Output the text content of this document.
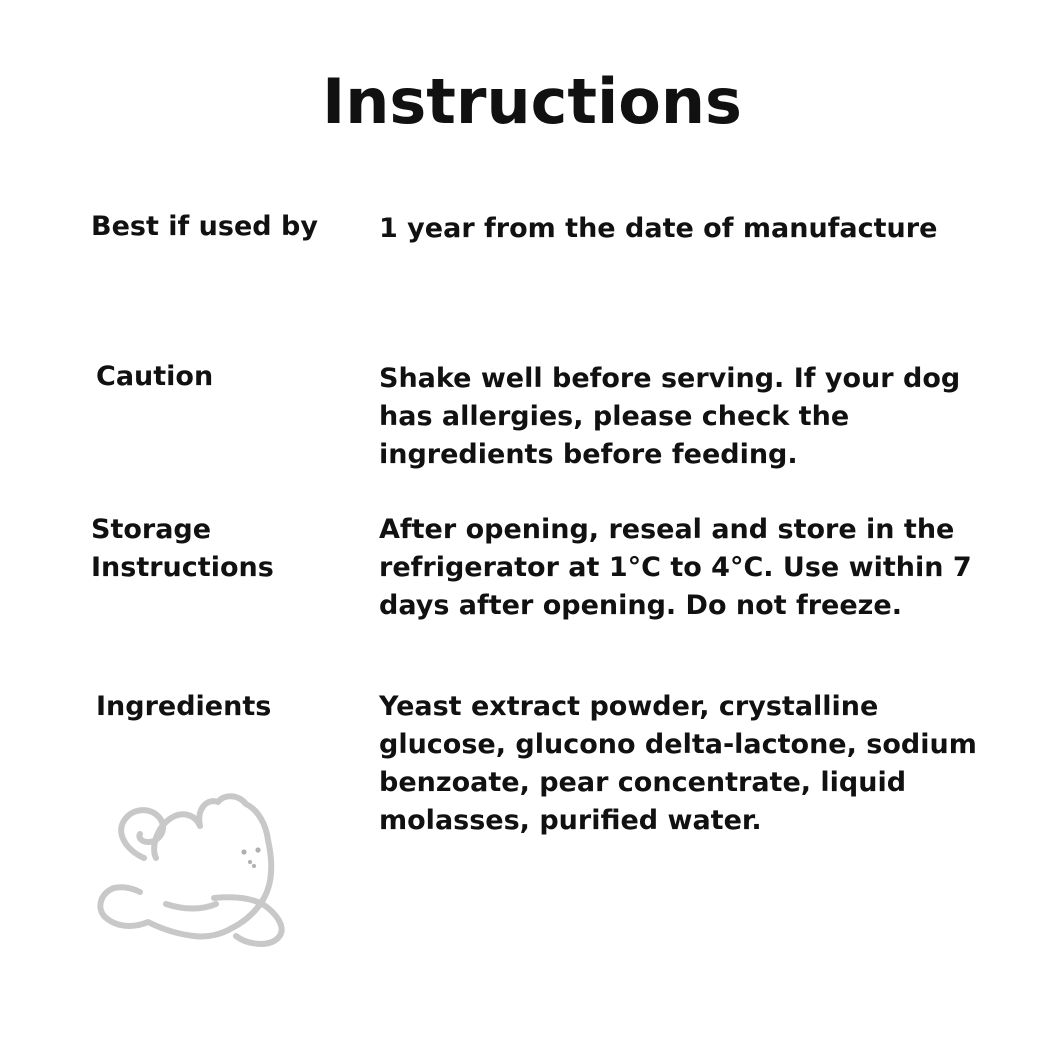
Instructions
Best if used by 1 year from the date of manufacture
Caution	Shake well before serving. If your dog has allergies, please check the ingredients before feeding.
Storage Instructions
After opening, reseal and store in the refrigerator at 1°C to 4°C. Use within 7 days after opening. Do not freeze.
Ingredients	Yeast extract powder, crystalline glucose, glucono delta-lactone, sodium benzoate, pear concentrate, liquid molasses, purified water.
